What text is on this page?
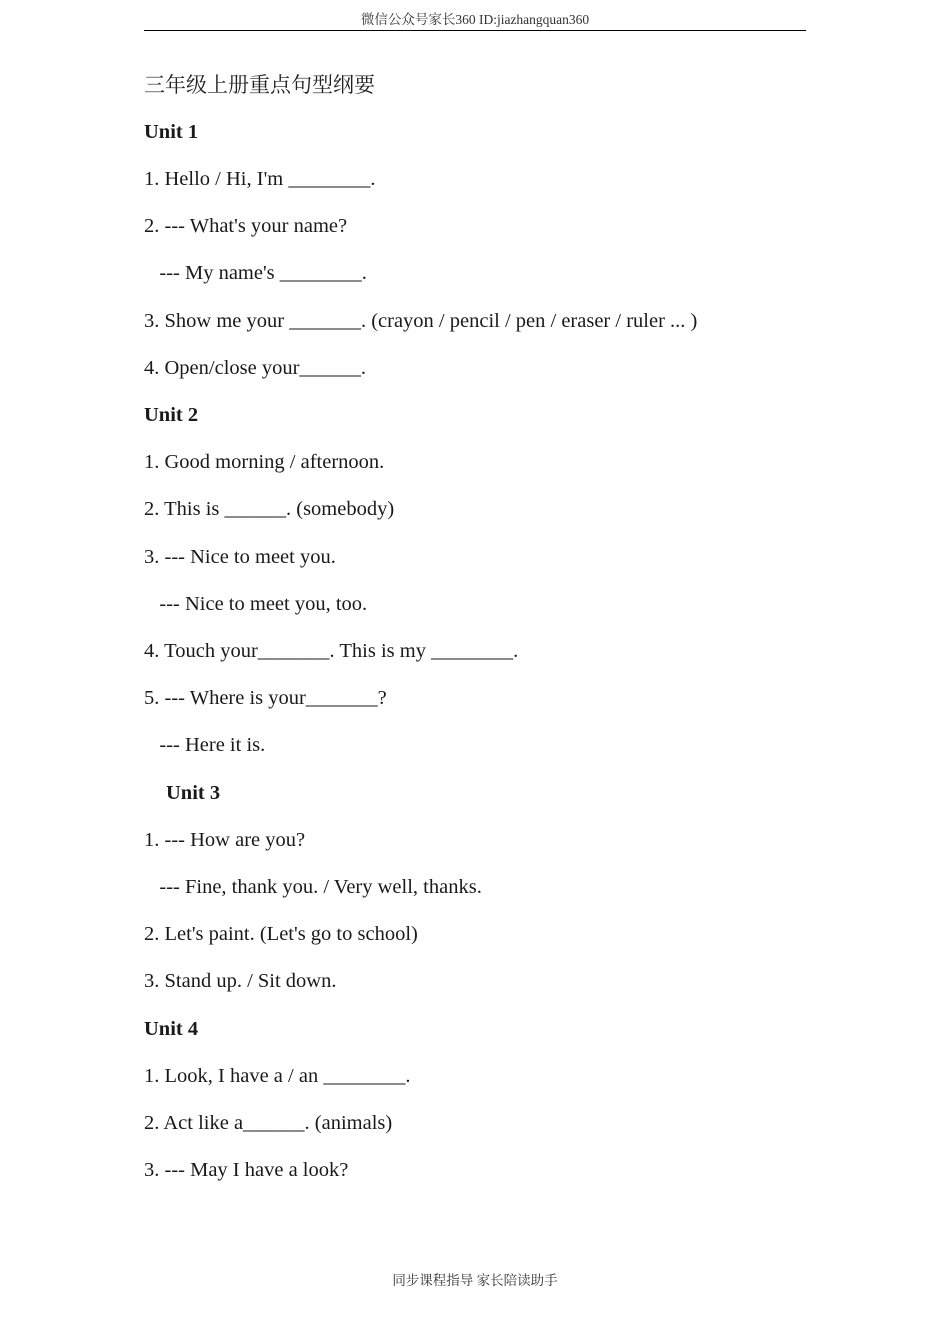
微信公众号家长360 ID:jiazhangquan360
三年级上册重点句型纲要
Unit 1
1. Hello / Hi, I'm ________.
2. --- What's your name?
--- My name's ________.
3. Show me your _______. (crayon / pencil / pen / eraser / ruler ... )
4. Open/close your______.
Unit 2
1. Good morning / afternoon.
2. This is ______. (somebody)
3. --- Nice to meet you.
--- Nice to meet you, too.
4. Touch your_______. This is my ________.
5. --- Where is your_______?
--- Here it is.
Unit 3
1. --- How are you?
--- Fine, thank you. / Very well, thanks.
2. Let's paint. (Let's go to school)
3. Stand up. / Sit down.
Unit 4
1. Look, I have a / an ________.
2. Act like a______. (animals)
3. --- May I have a look?
同步课程指导 家长陪读助手
